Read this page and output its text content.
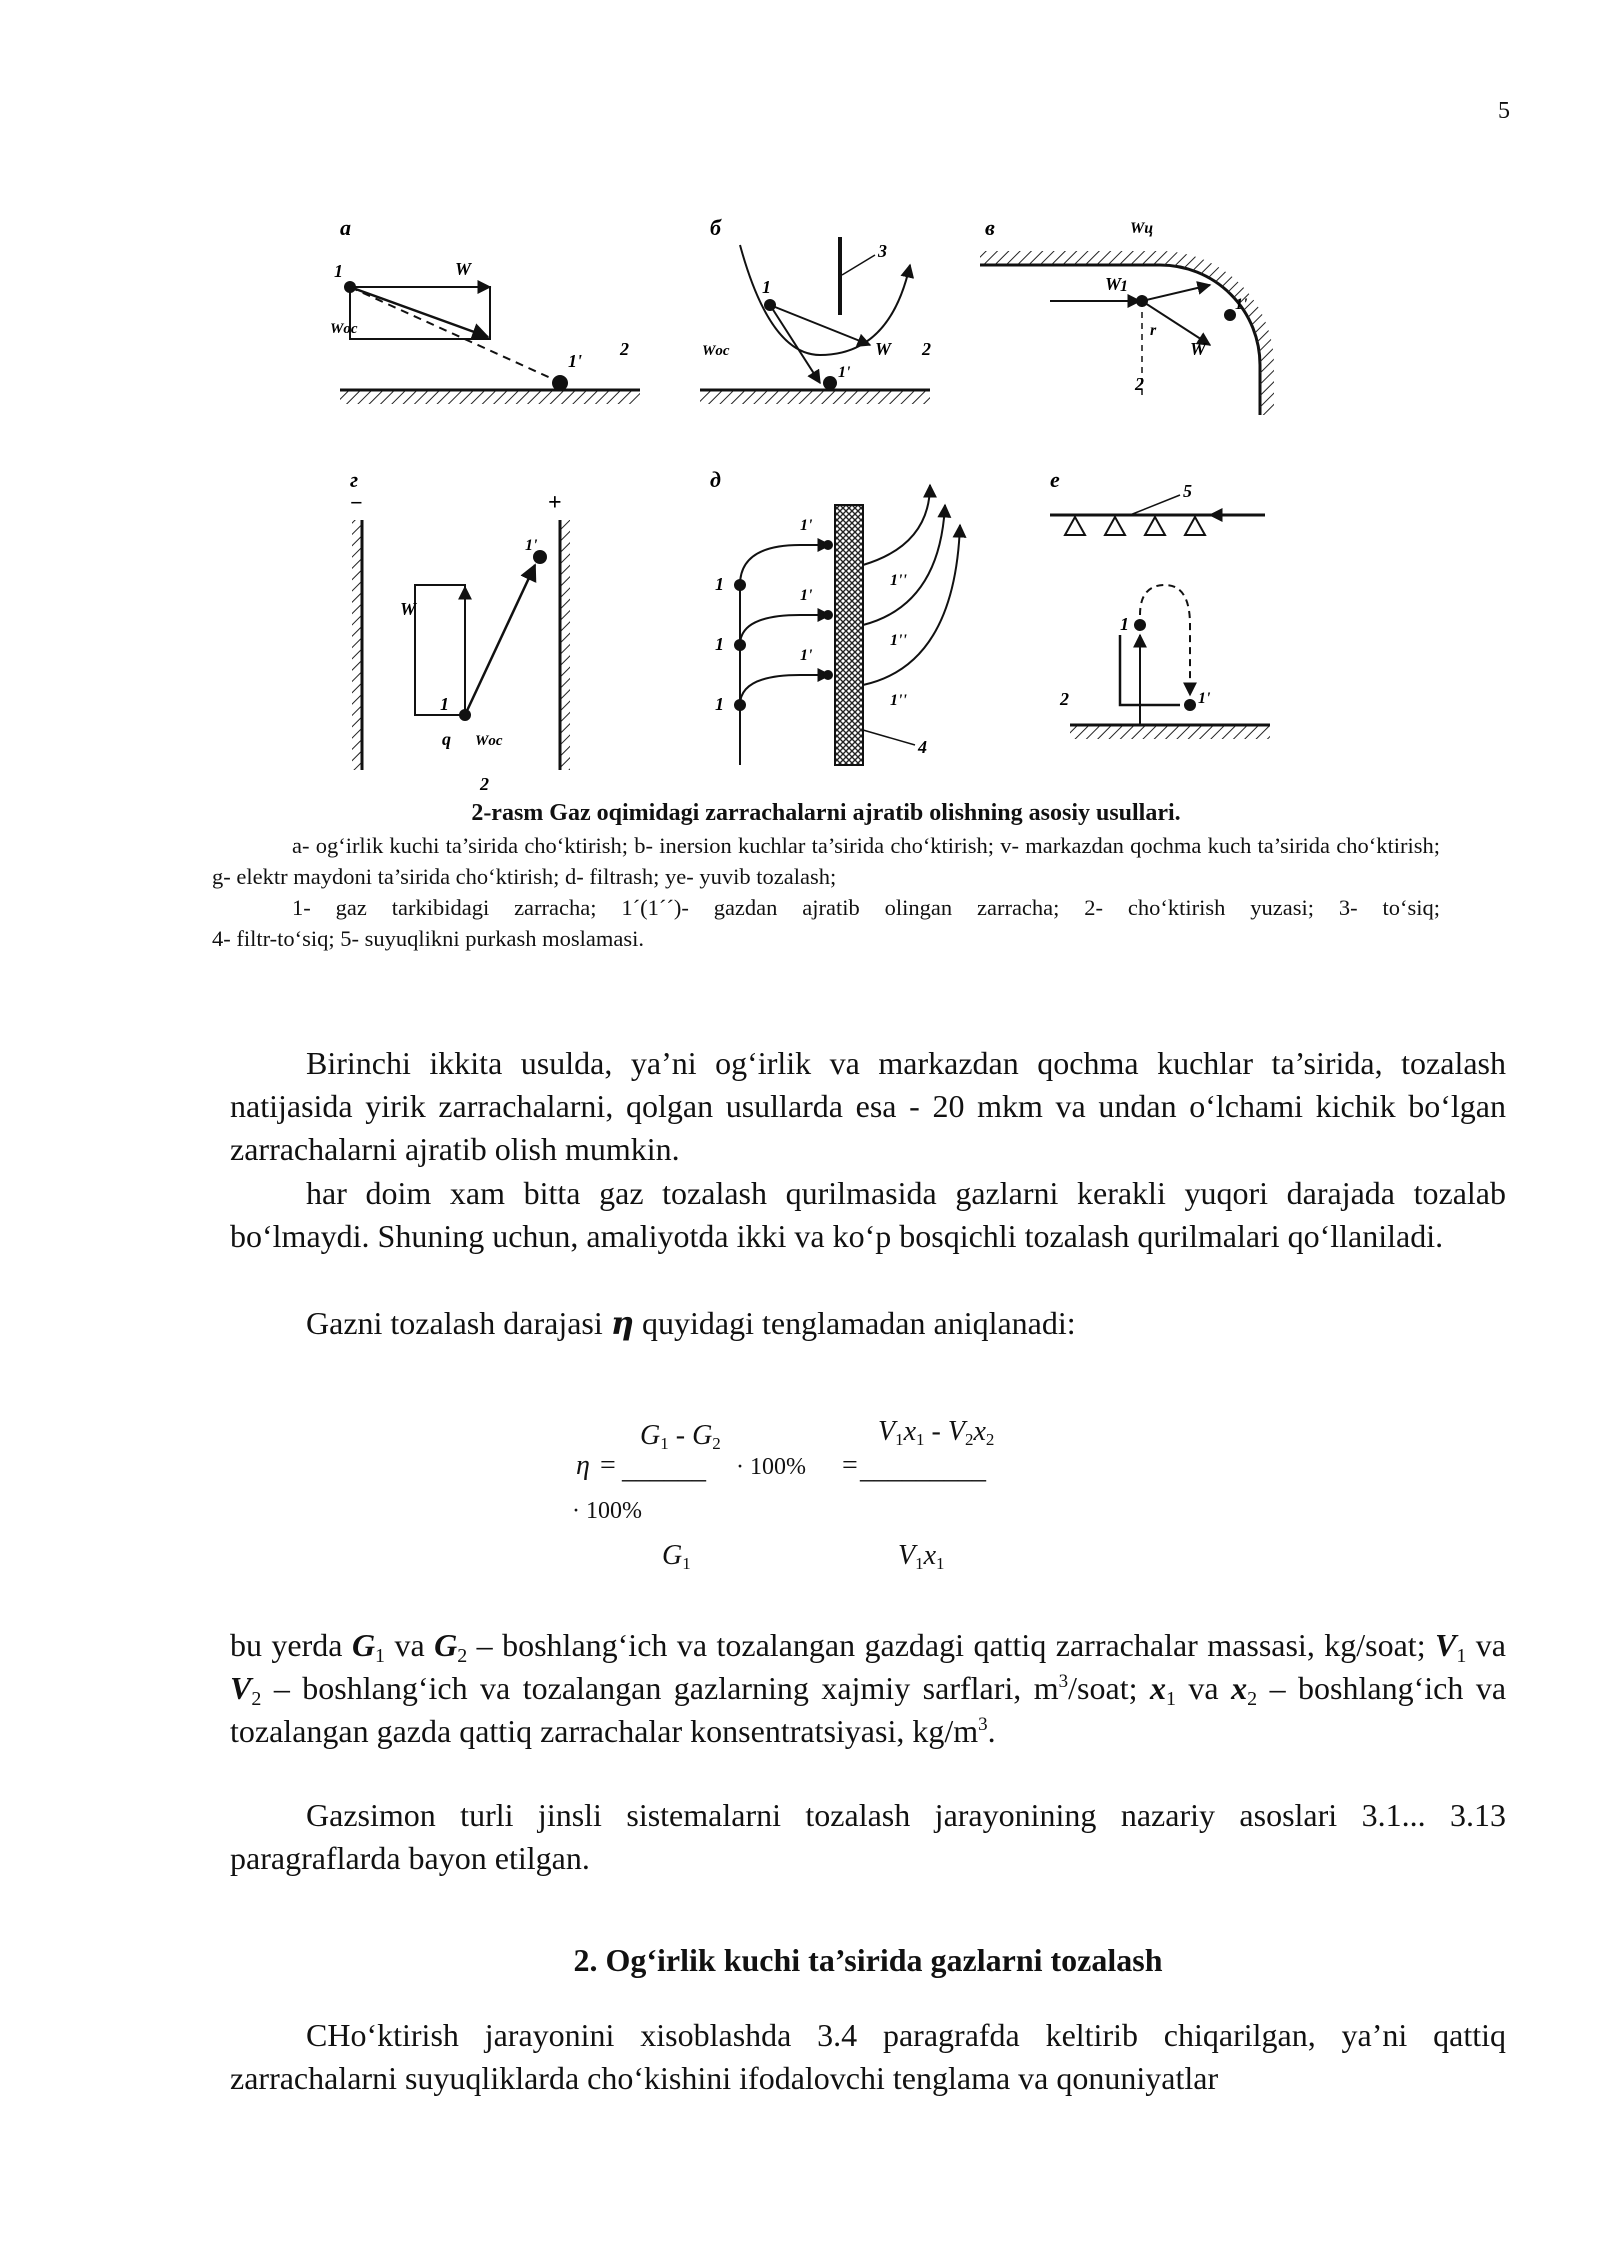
5
а
1	W
Wос
1'
2
б
3
1
Wос	W
1'
2
в
W
Wц
W
r
1
1'
2
г
−	+
W
1
q Wос
1'
2
д
1
1
1
1'
1'
1'
1''
1''
1''
4
е	5
1
1'
2
2-rasm Gaz oqimidagi zarrachalarni ajratib olishning asosiy usullari.
a- og‘irlik kuchi ta’sirida cho‘ktirish; b- inersion kuchlar ta’sirida cho‘ktirish; v- markazdan qochma kuch ta’sirida cho‘ktirish; g- elektr maydoni ta’sirida cho‘ktirish; d- filtrash; ye- yuvib tozalash;
1- gaz tarkibidagi zarracha; 1´(1´´)- gazdan ajratib olingan zarracha; 2- cho‘ktirish yuzasi; 3- to‘siq;
4- filtr-to‘siq; 5- suyuqlikni purkash moslamasi.

Birinchi ikkita usulda, ya’ni og‘irlik va markazdan qochma kuchlar ta’sirida, tozalash natijasida yirik zarrachalarni, qolgan usullarda esa - 20 mkm va undan o‘lchami kichik bo‘lgan zarrachalarni ajratib olish mumkin.

har doim xam bitta gaz tozalash qurilmasida gazlarni kerakli yuqori darajada tozalab bo‘lmaydi. Shuning uchun, amaliyotda ikki va ko‘p bosqichli tozalash qurilmalari qo‘llaniladi.

Gazni tozalash darajasi η quyidagi tenglamadan aniqlanadi:

η =
$G_1 - G_2$
______ · 100% =
$V_1x_1 - V_2x_2$
_________
· 100%
$G_1$	$V_1x_1$

bu yerda $G_1$ va $G_2$ – boshlang‘ich va tozalangan gazdagi qattiq zarrachalar massasi, kg/soat; $V_1$ va $V_2$ – boshlang‘ich va tozalangan gazlarning xajmiy sarflari, $m^3$/soat; $x_1$ va $x_2$ – boshlang‘ich va tozalangan gazda qattiq zarrachalar konsentratsiyasi, $kg/m^3$.

Gazsimon turli jinsli sistemalarni tozalash jarayonining nazariy asoslari 3.1... 3.13 paragraflarda bayon etilgan.

2. Og‘irlik kuchi ta’sirida gazlarni tozalash

CHo‘ktirish jarayonini xisoblashda 3.4 paragrafda keltirib chiqarilgan, ya’ni qattiq zarrachalarni suyuqliklarda cho‘kishini ifodalovchi tenglama va qonuniyatlar
